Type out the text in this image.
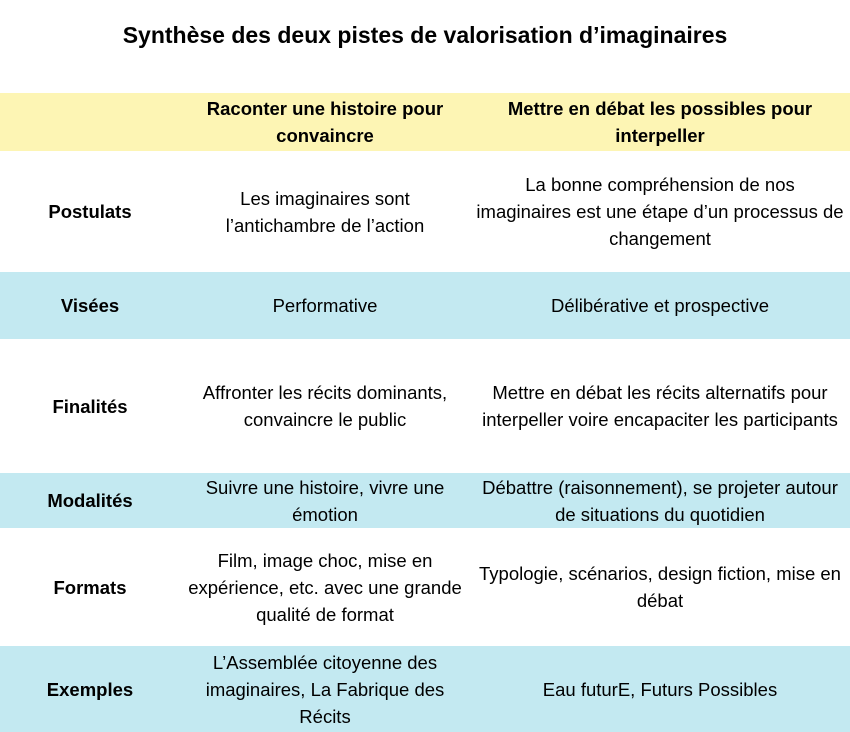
Synthèse des deux pistes de valorisation d’imaginaires
Raconter une histoire pour convaincre
Mettre en débat les possibles pour interpeller
Postulats
Les imaginaires sont l’antichambre de l’action
La bonne compréhension de nos imaginaires est une étape d’un processus de changement
Visées	Performative	Délibérative et prospective
Finalités
Affronter les récits dominants, convaincre le public
Mettre en débat les récits alternatifs pour interpeller voire encapaciter les participants
Modalités
Suivre une histoire, vivre une émotion
Débattre (raisonnement), se projeter autour de situations du quotidien
Formats
Film, image choc, mise en expérience, etc. avec une grande qualité de format
Typologie, scénarios, design fiction, mise en débat
Exemples
L’Assemblée citoyenne des imaginaires, La Fabrique des Récits
Eau futurE, Futurs Possibles
